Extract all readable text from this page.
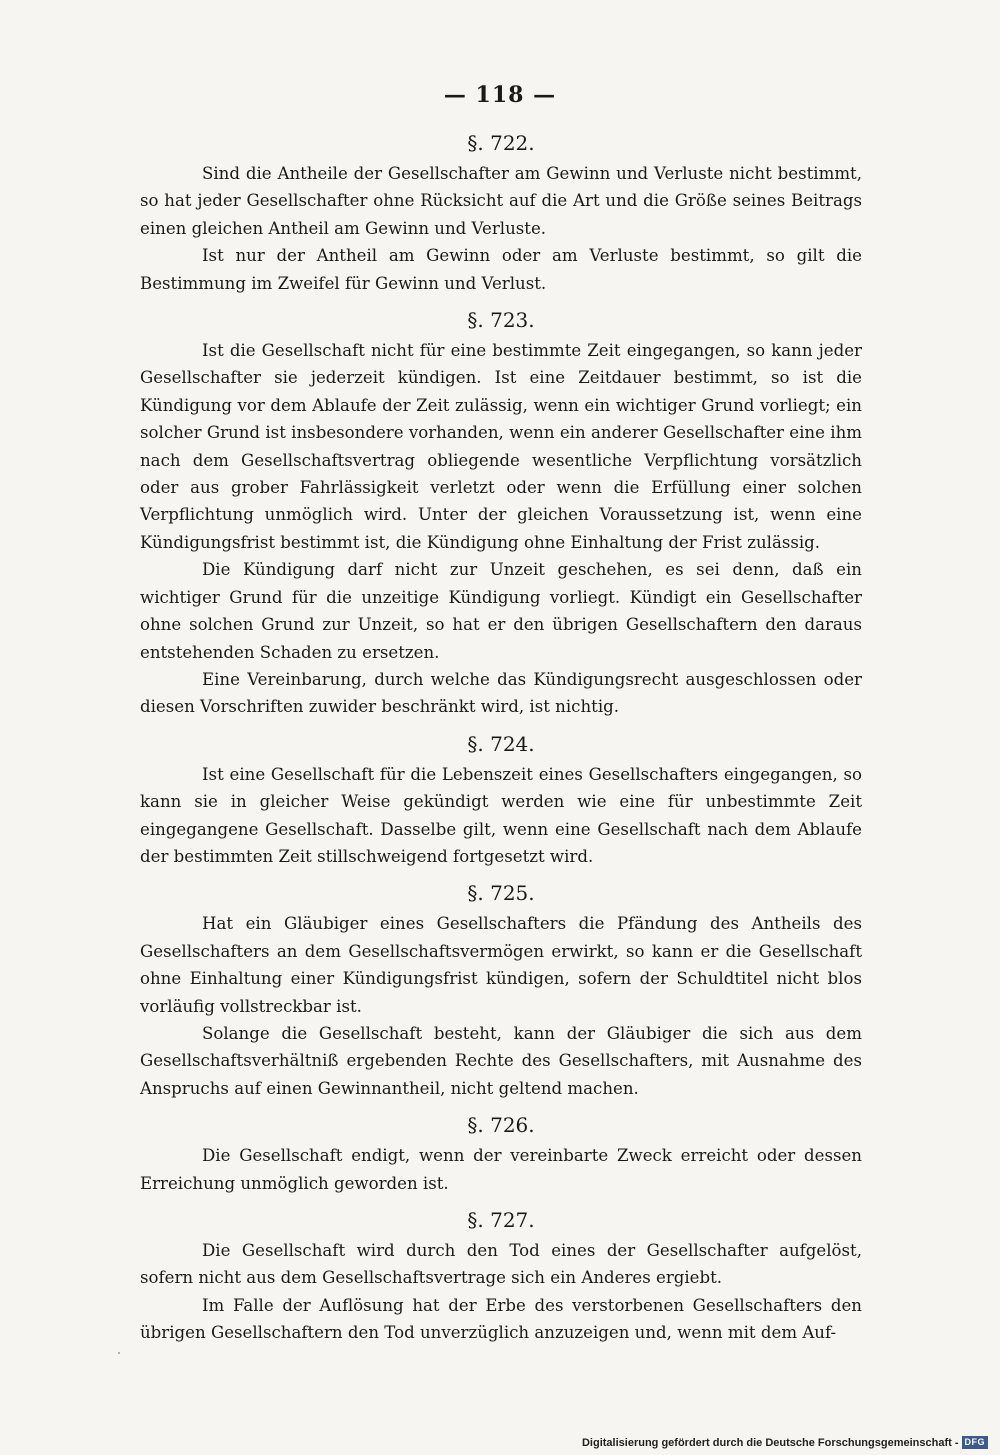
— 118 —
§. 722.

Sind die Antheile der Gesellschafter am Gewinn und Verluste nicht bestimmt, so hat jeder Gesellschafter ohne Rücksicht auf die Art und die Größe seines Beitrags einen gleichen Antheil am Gewinn und Verluste.

Ist nur der Antheil am Gewinn oder am Verluste bestimmt, so gilt die Bestimmung im Zweifel für Gewinn und Verlust.

§. 723.

Ist die Gesellschaft nicht für eine bestimmte Zeit eingegangen, so kann jeder Gesellschafter sie jederzeit kündigen. Ist eine Zeitdauer bestimmt, so ist die Kündigung vor dem Ablaufe der Zeit zulässig, wenn ein wichtiger Grund vorliegt; ein solcher Grund ist insbesondere vorhanden, wenn ein anderer Gesellschafter eine ihm nach dem Gesellschaftsvertrag obliegende wesentliche Verpflichtung vorsätzlich oder aus grober Fahrlässigkeit verletzt oder wenn die Erfüllung einer solchen Verpflichtung unmöglich wird. Unter der gleichen Voraussetzung ist, wenn eine Kündigungsfrist bestimmt ist, die Kündigung ohne Einhaltung der Frist zulässig.

Die Kündigung darf nicht zur Unzeit geschehen, es sei denn, daß ein wichtiger Grund für die unzeitige Kündigung vorliegt. Kündigt ein Gesellschafter ohne solchen Grund zur Unzeit, so hat er den übrigen Gesellschaftern den daraus entstehenden Schaden zu ersetzen.

Eine Vereinbarung, durch welche das Kündigungsrecht ausgeschlossen oder diesen Vorschriften zuwider beschränkt wird, ist nichtig.

§. 724.

Ist eine Gesellschaft für die Lebenszeit eines Gesellschafters eingegangen, so kann sie in gleicher Weise gekündigt werden wie eine für unbestimmte Zeit eingegangene Gesellschaft. Dasselbe gilt, wenn eine Gesellschaft nach dem Ablaufe der bestimmten Zeit stillschweigend fortgesetzt wird.

§. 725.

Hat ein Gläubiger eines Gesellschafters die Pfändung des Antheils des Gesellschafters an dem Gesellschaftsvermögen erwirkt, so kann er die Gesellschaft ohne Einhaltung einer Kündigungsfrist kündigen, sofern der Schuldtitel nicht blos vorläufig vollstreckbar ist.

Solange die Gesellschaft besteht, kann der Gläubiger die sich aus dem Gesellschaftsverhältniß ergebenden Rechte des Gesellschafters, mit Ausnahme des Anspruchs auf einen Gewinnantheil, nicht geltend machen.

§. 726.

Die Gesellschaft endigt, wenn der vereinbarte Zweck erreicht oder dessen Erreichung unmöglich geworden ist.

§. 727.

Die Gesellschaft wird durch den Tod eines der Gesellschafter aufgelöst, sofern nicht aus dem Gesellschaftsvertrage sich ein Anderes ergiebt.

Im Falle der Auflösung hat der Erbe des verstorbenen Gesellschafters den übrigen Gesellschaftern den Tod unverzüglich anzuzeigen und, wenn mit dem Auf-

Digitalisierung gefördert durch die Deutsche Forschungsgemeinschaft - DFG
